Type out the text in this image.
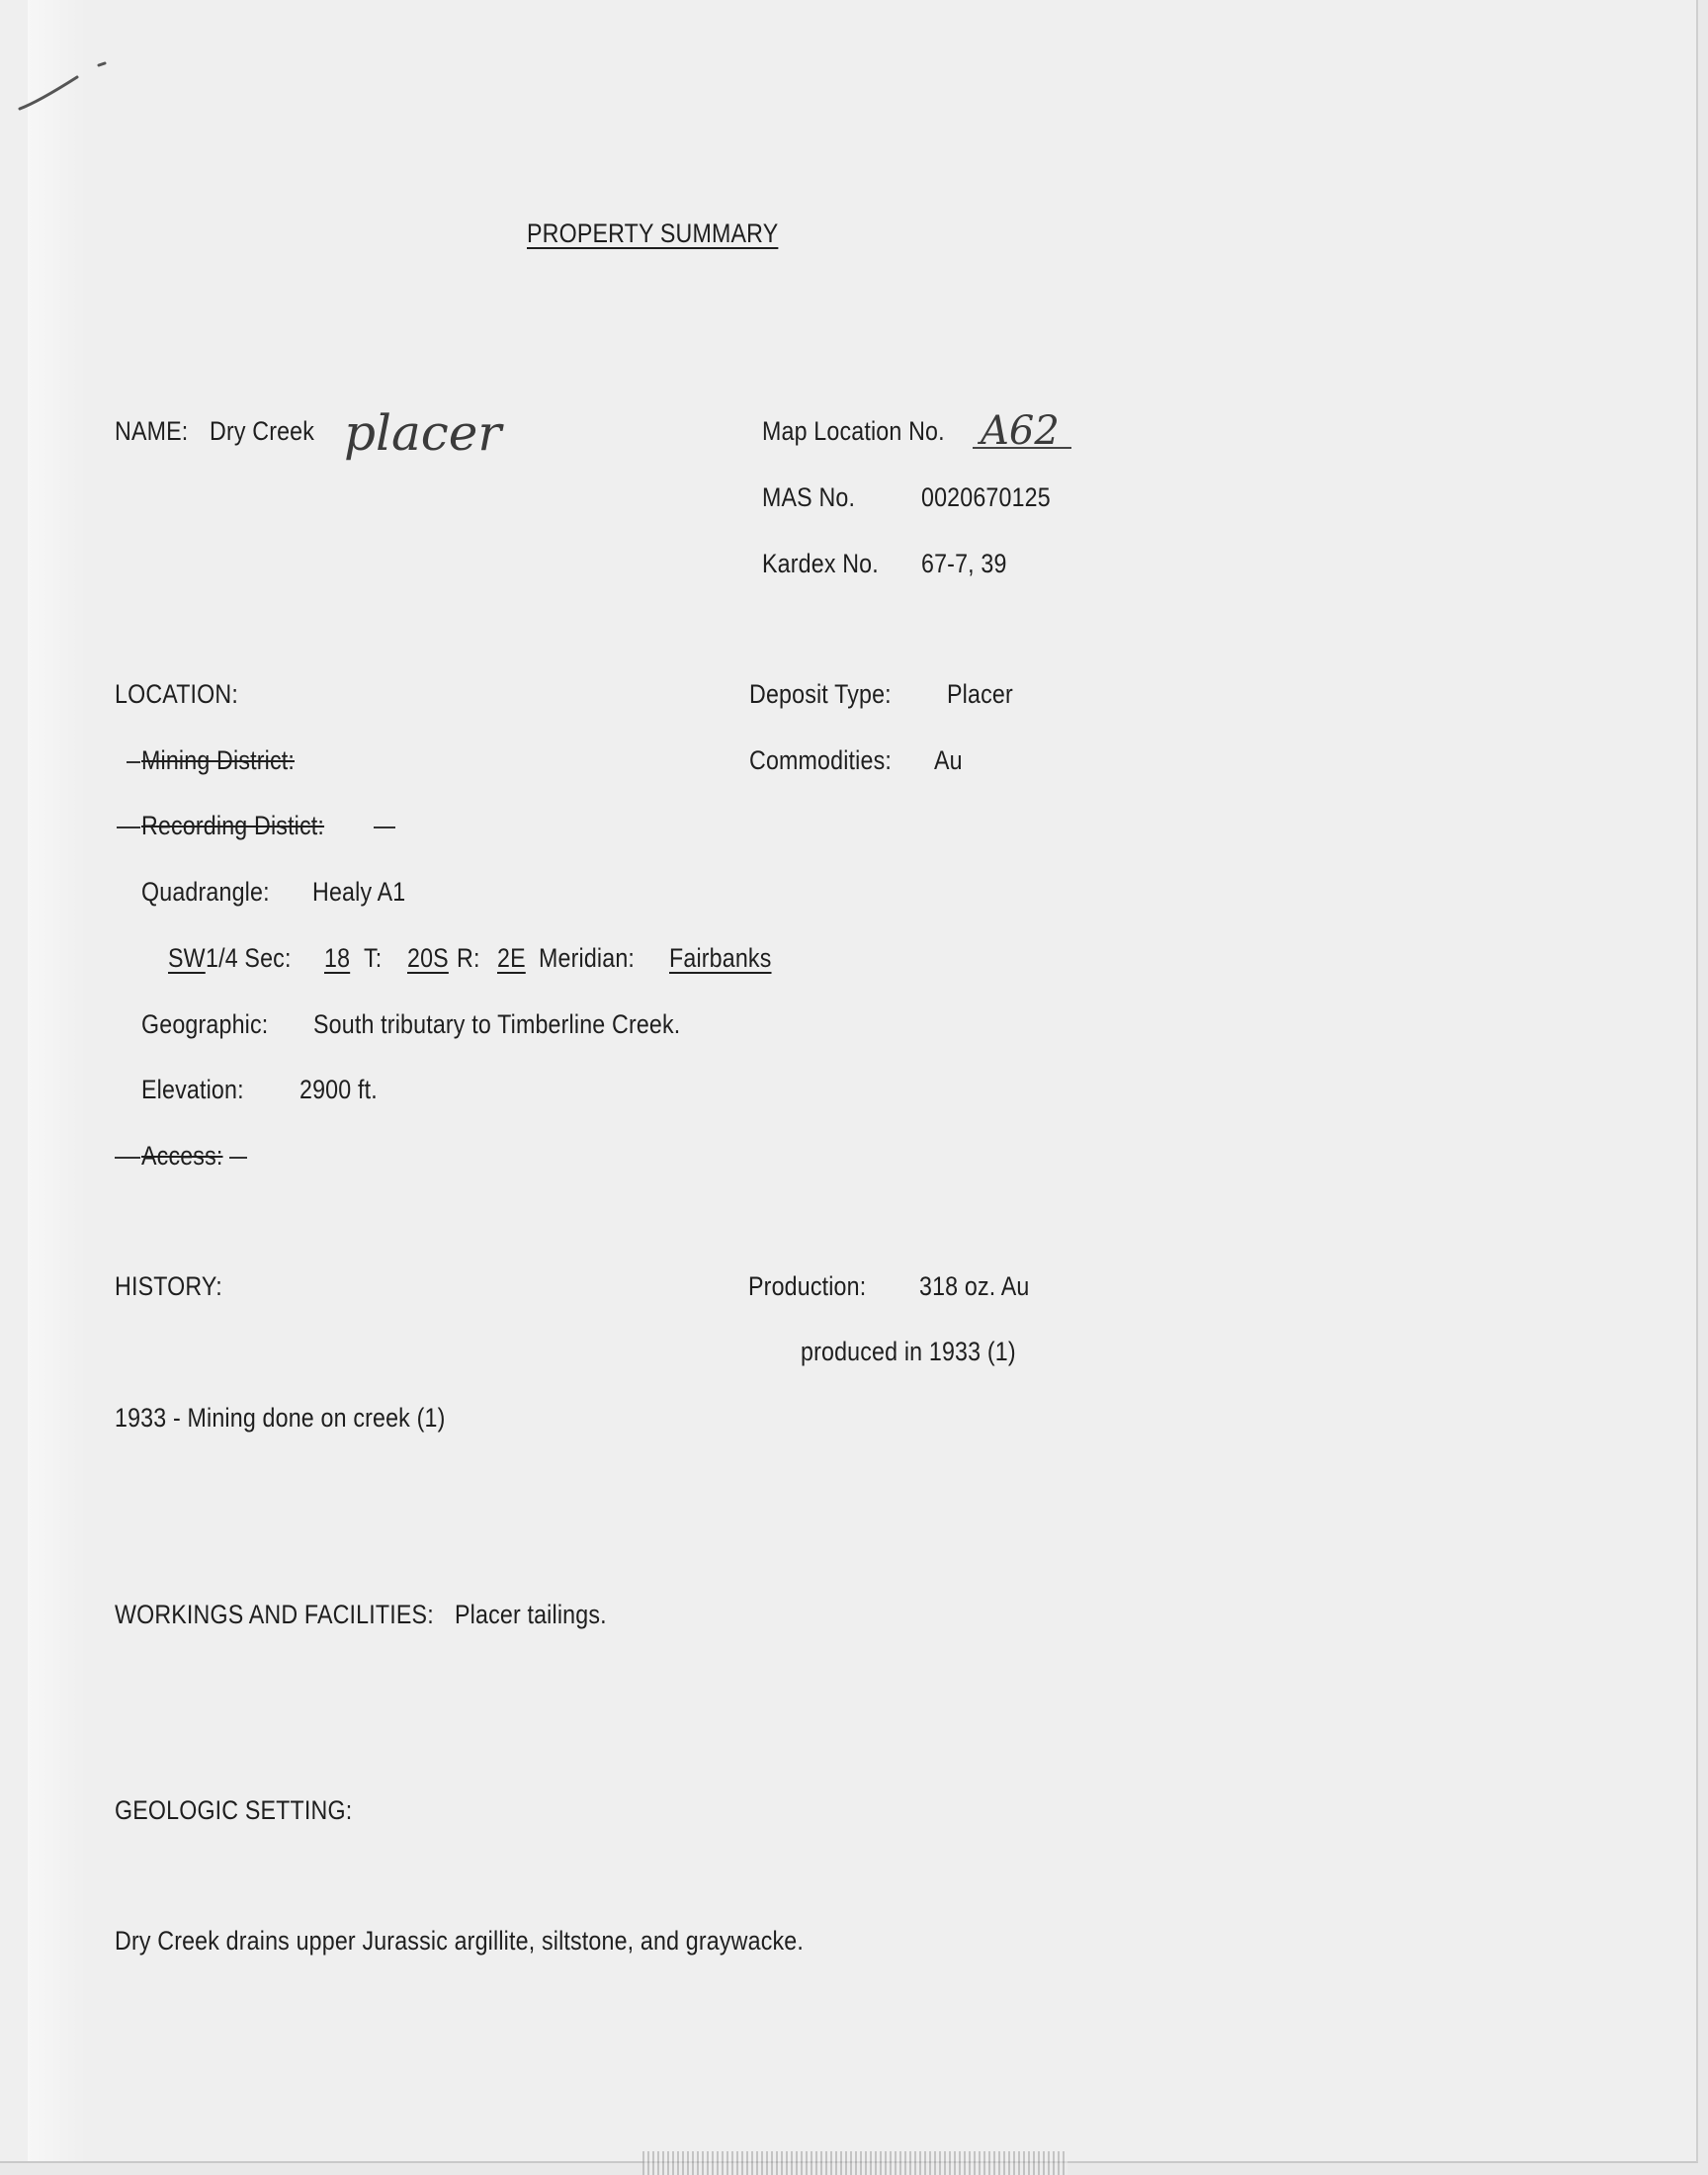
PROPERTY SUMMARY
NAME: Dry Creek placer	Map Location No. A62
MAS No. 0020670125
Kardex No. 67-7, 39
LOCATION:	Deposit Type: Placer
Mining District:	Commodities: Au
Recording Distict:
Quadrangle: Healy A1
SW 1/4 Sec: 18 T: 20S R: 2E Meridian: Fairbanks
Geographic: South tributary to Timberline Creek.
Elevation: 2900 ft.
Access:
HISTORY:	Production: 318 oz. Au
produced in 1933 (1)
1933 - Mining done on creek (1)
WORKINGS AND FACILITIES: Placer tailings.
GEOLOGIC SETTING:
Dry Creek drains upper Jurassic argillite, siltstone, and graywacke.
